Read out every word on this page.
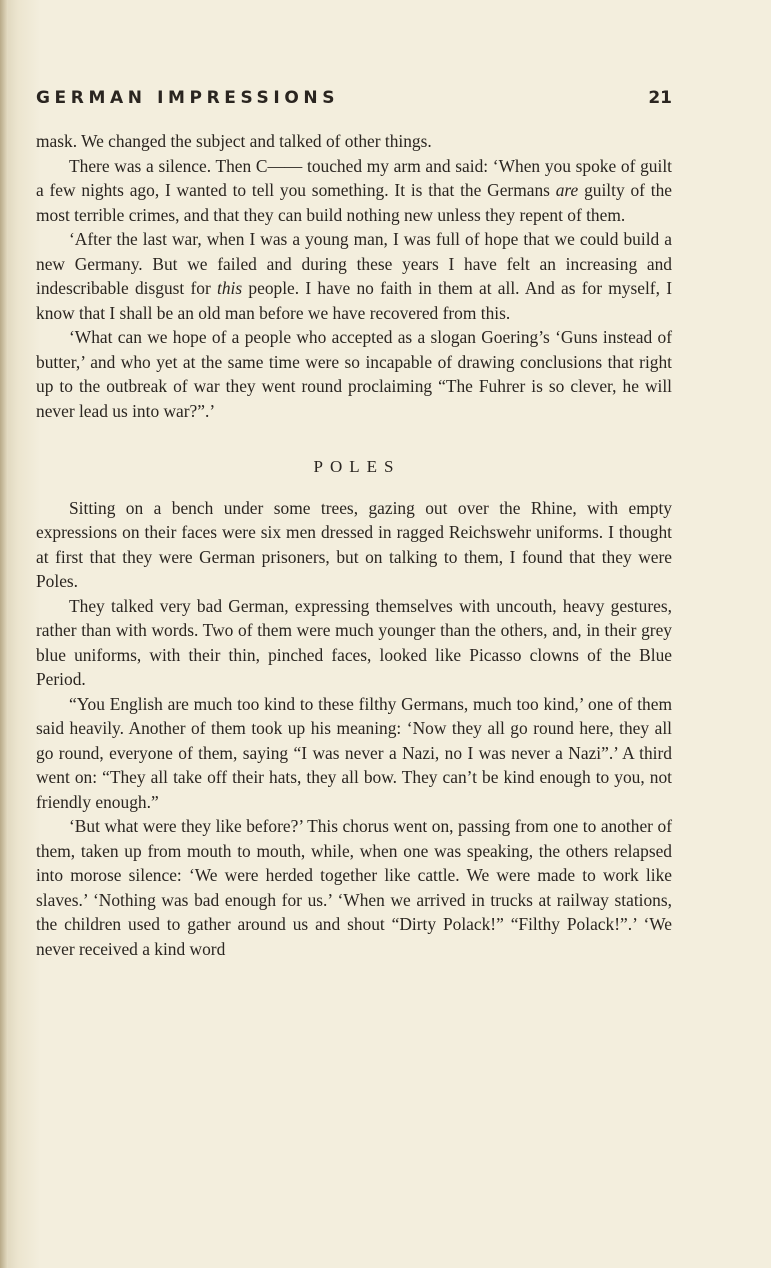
GERMAN IMPRESSIONS	21

mask. We changed the subject and talked of other things.

There was a silence. Then C—— touched my arm and said: ‘When you spoke of guilt a few nights ago, I wanted to tell you something. It is that the Germans are guilty of the most terrible crimes, and that they can build nothing new unless they repent of them.

‘After the last war, when I was a young man, I was full of hope that we could build a new Germany. But we failed and during these years I have felt an increasing and indescribable disgust for this people. I have no faith in them at all. And as for myself, I know that I shall be an old man before we have recovered from this.

‘What can we hope of a people who accepted as a slogan Goering’s ‘Guns instead of butter,’ and who yet at the same time were so incapable of drawing conclusions that right up to the outbreak of war they went round proclaiming “The Fuhrer is so clever, he will never lead us into war?”.’

POLES

Sitting on a bench under some trees, gazing out over the Rhine, with empty expressions on their faces were six men dressed in ragged Reichswehr uniforms. I thought at first that they were German prisoners, but on talking to them, I found that they were Poles.

They talked very bad German, expressing themselves with uncouth, heavy gestures, rather than with words. Two of them were much younger than the others, and, in their grey blue uniforms, with their thin, pinched faces, looked like Picasso clowns of the Blue Period.

“You English are much too kind to these filthy Germans, much too kind,’ one of them said heavily. Another of them took up his meaning: ‘Now they all go round here, they all go round, everyone of them, saying “I was never a Nazi, no I was never a Nazi”.’ A third went on: “They all take off their hats, they all bow. They can’t be kind enough to you, not friendly enough.”

‘But what were they like before?’ This chorus went on, passing from one to another of them, taken up from mouth to mouth, while, when one was speaking, the others relapsed into morose silence: ‘We were herded together like cattle. We were made to work like slaves.’ ‘Nothing was bad enough for us.’ ‘When we arrived in trucks at railway stations, the children used to gather around us and shout “Dirty Polack!” “Filthy Polack!”.’ ‘We never received a kind word
